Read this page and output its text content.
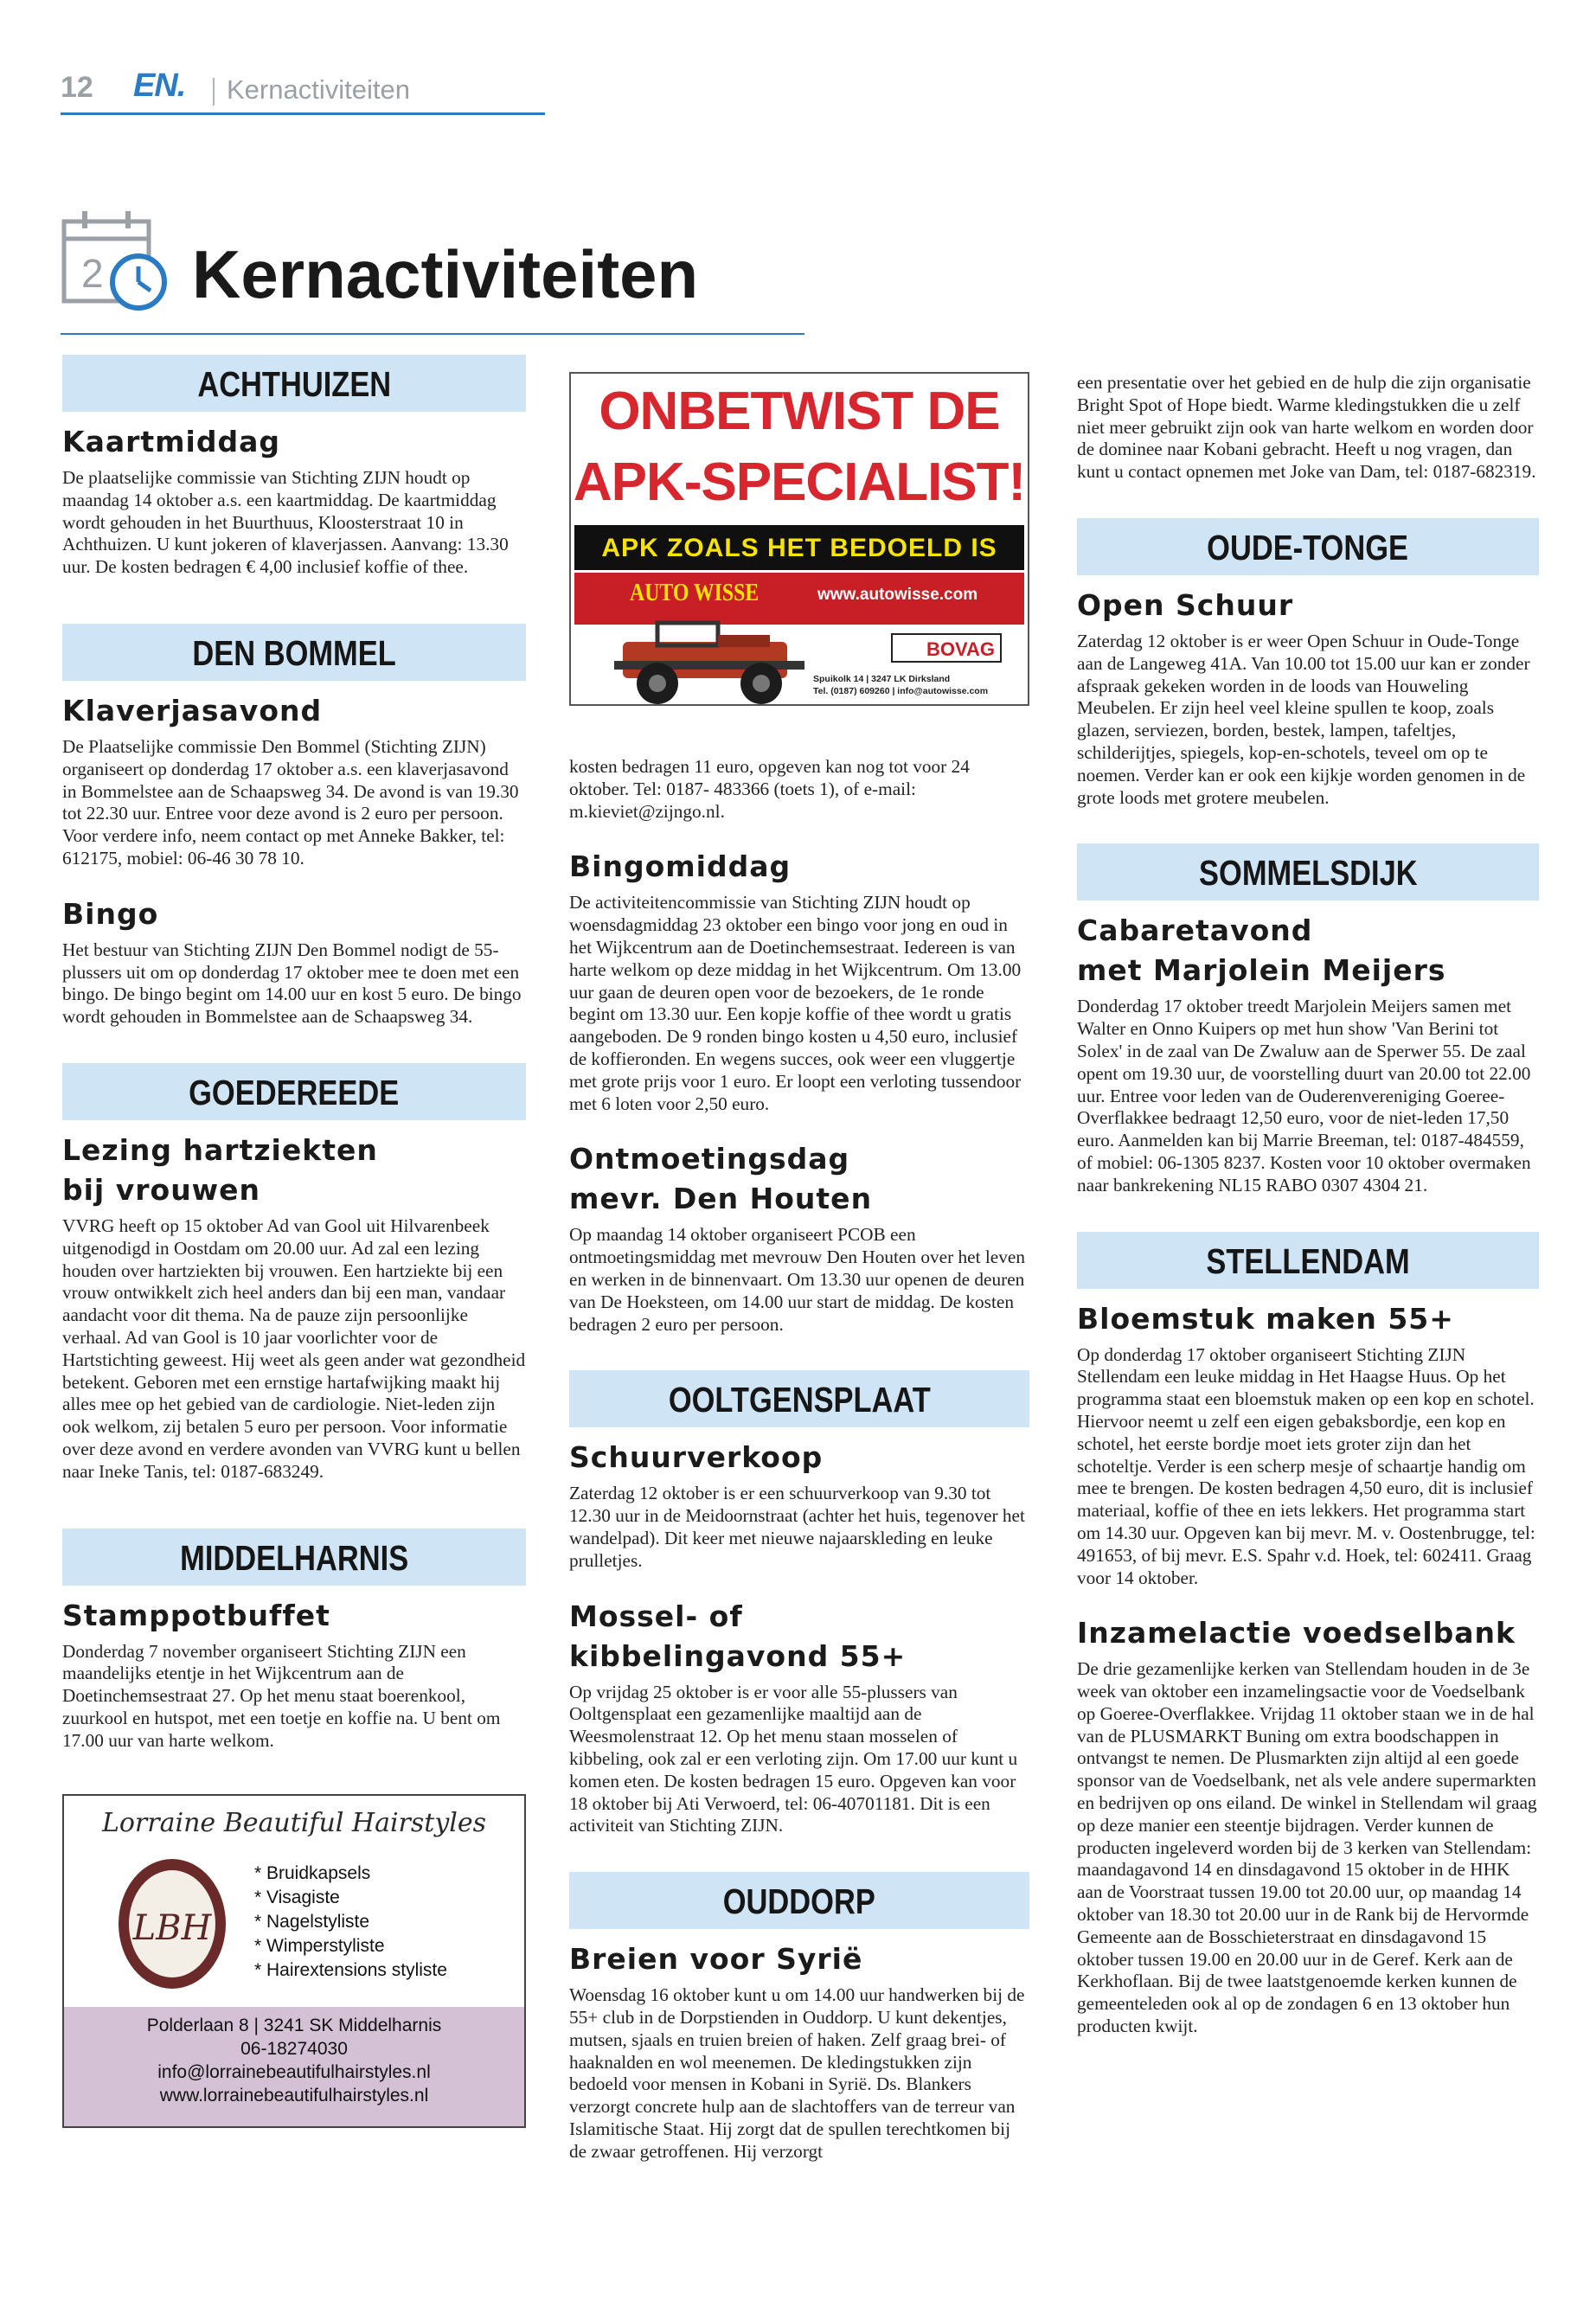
12 EN. Kernactiviteiten
2 Kernactiviteiten
ACHTHUIZEN
Kaartmiddag

De plaatselijke commissie van Stichting ZIJN houdt op maandag 14 oktober a.s. een kaartmiddag. De kaartmiddag wordt gehouden in het Buurthuus, Kloosterstraat 10 in Achthuizen. U kunt jokeren of klaverjassen. Aanvang: 13.30 uur. De kosten bedragen € 4,00 inclusief koffie of thee.

DEN BOMMEL
Klaverjasavond

De Plaatselijke commissie Den Bommel (Stichting ZIJN) organiseert op donderdag 17 oktober a.s. een klaverjasavond in Bommelstee aan de Schaapsweg 34. De avond is van 19.30 tot 22.30 uur. Entree voor deze avond is 2 euro per persoon. Voor verdere info, neem contact op met Anneke Bakker, tel: 612175, mobiel: 06-46 30 78 10.

Bingo

Het bestuur van Stichting ZIJN Den Bommel nodigt de 55-plussers uit om op donderdag 17 oktober mee te doen met een bingo. De bingo begint om 14.00 uur en kost 5 euro. De bingo wordt gehouden in Bommelstee aan de Schaapsweg 34.

GOEDEREEDE
Lezing hartziekten
bij vrouwen

VVRG heeft op 15 oktober Ad van Gool uit Hilvarenbeek uitgenodigd in Oostdam om 20.00 uur. Ad zal een lezing houden over hartziekten bij vrouwen. Een hartziekte bij een vrouw ontwikkelt zich heel anders dan bij een man, vandaar aandacht voor dit thema. Na de pauze zijn persoonlijke verhaal. Ad van Gool is 10 jaar voorlichter voor de Hartstichting geweest. Hij weet als geen ander wat gezondheid betekent. Geboren met een ernstige hartafwijking maakt hij alles mee op het gebied van de cardiologie. Niet-leden zijn ook welkom, zij betalen 5 euro per persoon. Voor informatie over deze avond en verdere avonden van VVRG kunt u bellen naar Ineke Tanis, tel: 0187-683249.

MIDDELHARNIS
Stamppotbuffet

Donderdag 7 november organiseert Stichting ZIJN een maandelijks etentje in het Wijkcentrum aan de Doetinchemsestraat 27. Op het menu staat boerenkool, zuurkool en hutspot, met een toetje en koffie na. U bent om 17.00 uur van harte welkom.

Lorraine Beautiful Hairstyles
LBH
* Bruidkapsels
* Visagiste
* Nagelstyliste
* Wimperstyliste
* Hairextensions styliste
Polderlaan 8 | 3241 SK Middelharnis
06-18274030
info@lorrainebeautifulhairstyles.nl
www.lorrainebeautifulhairstyles.nl
ONBETWIST DE
APK-SPECIALIST!
APK ZOALS HET BEDOELD IS
AUTO WISSE	www.autowisse.com
BOVAG
Spuikolk 14 | 3247 LK Dirksland
Tel. (0187) 609260 | info@autowisse.com

kosten bedragen 11 euro, opgeven kan nog tot voor 24 oktober. Tel: 0187- 483366 (toets 1), of e-mail: m.kieviet@zijngo.nl.

Bingomiddag

De activiteitencommissie van Stichting ZIJN houdt op woensdagmiddag 23 oktober een bingo voor jong en oud in het Wijkcentrum aan de Doetinchemsestraat. Iedereen is van harte welkom op deze middag in het Wijkcentrum. Om 13.00 uur gaan de deuren open voor de bezoekers, de 1e ronde begint om 13.30 uur. Een kopje koffie of thee wordt u gratis aangeboden. De 9 ronden bingo kosten u 4,50 euro, inclusief de koffieronden. En wegens succes, ook weer een vluggertje met grote prijs voor 1 euro. Er loopt een verloting tussendoor met 6 loten voor 2,50 euro.

Ontmoetingsdag
mevr. Den Houten

Op maandag 14 oktober organiseert PCOB een ontmoetingsmiddag met mevrouw Den Houten over het leven en werken in de binnenvaart. Om 13.30 uur openen de deuren van De Hoeksteen, om 14.00 uur start de middag. De kosten bedragen 2 euro per persoon.

OOLTGENSPLAAT
Schuurverkoop

Zaterdag 12 oktober is er een schuurverkoop van 9.30 tot 12.30 uur in de Meidoornstraat (achter het huis, tegenover het wandelpad). Dit keer met nieuwe najaarskleding en leuke prulletjes.

Mossel- of
kibbelingavond 55+

Op vrijdag 25 oktober is er voor alle 55-plussers van Ooltgensplaat een gezamenlijke maaltijd aan de Weesmolenstraat 12. Op het menu staan mosselen of kibbeling, ook zal er een verloting zijn. Om 17.00 uur kunt u komen eten. De kosten bedragen 15 euro. Opgeven kan voor 18 oktober bij Ati Verwoerd, tel: 06-40701181. Dit is een activiteit van Stichting ZIJN.

OUDDORP
Breien voor Syrië

Woensdag 16 oktober kunt u om 14.00 uur handwerken bij de 55+ club in de Dorpstienden in Ouddorp. U kunt dekentjes, mutsen, sjaals en truien breien of haken. Zelf graag brei- of haaknalden en wol meenemen. De kledingstukken zijn bedoeld voor mensen in Kobani in Syrië. Ds. Blankers verzorgt concrete hulp aan de slachtoffers van de terreur van Islamitische Staat. Hij zorgt dat de spullen terechtkomen bij de zwaar getroffenen. Hij verzorgt

een presentatie over het gebied en de hulp die zijn organisatie Bright Spot of Hope biedt. Warme kledingstukken die u zelf niet meer gebruikt zijn ook van harte welkom en worden door de dominee naar Kobani gebracht. Heeft u nog vragen, dan kunt u contact opnemen met Joke van Dam, tel: 0187-682319.

OUDE-TONGE
Open Schuur

Zaterdag 12 oktober is er weer Open Schuur in Oude-Tonge aan de Langeweg 41A. Van 10.00 tot 15.00 uur kan er zonder afspraak gekeken worden in de loods van Houweling Meubelen. Er zijn heel veel kleine spullen te koop, zoals glazen, serviezen, borden, bestek, lampen, tafeltjes, schilderijtjes, spiegels, kop-en-schotels, teveel om op te noemen. Verder kan er ook een kijkje worden genomen in de grote loods met grotere meubelen.

SOMMELSDIJK
Cabaretavond
met Marjolein Meijers

Donderdag 17 oktober treedt Marjolein Meijers samen met Walter en Onno Kuipers op met hun show 'Van Berini tot Solex' in de zaal van De Zwaluw aan de Sperwer 55. De zaal opent om 19.30 uur, de voorstelling duurt van 20.00 tot 22.00 uur. Entree voor leden van de Ouderenvereniging Goeree-Overflakkee bedraagt 12,50 euro, voor de niet-leden 17,50 euro. Aanmelden kan bij Marrie Breeman, tel: 0187-484559, of mobiel: 06-1305 8237. Kosten voor 10 oktober overmaken naar bankrekening NL15 RABO 0307 4304 21.

STELLENDAM
Bloemstuk maken 55+

Op donderdag 17 oktober organiseert Stichting ZIJN Stellendam een leuke middag in Het Haagse Huus. Op het programma staat een bloemstuk maken op een kop en schotel. Hiervoor neemt u zelf een eigen gebaksbordje, een kop en schotel, het eerste bordje moet iets groter zijn dan het schoteltje. Verder is een scherp mesje of schaartje handig om mee te brengen. De kosten bedragen 4,50 euro, dit is inclusief materiaal, koffie of thee en iets lekkers. Het programma start om 14.30 uur. Opgeven kan bij mevr. M. v. Oostenbrugge, tel: 491653, of bij mevr. E.S. Spahr v.d. Hoek, tel: 602411. Graag voor 14 oktober.

Inzamelactie voedselbank

De drie gezamenlijke kerken van Stellendam houden in de 3e week van oktober een inzamelingsactie voor de Voedselbank op Goeree-Overflakkee. Vrijdag 11 oktober staan we in de hal van de PLUSMARKT Buning om extra boodschappen in ontvangst te nemen. De Plusmarkten zijn altijd al een goede sponsor van de Voedselbank, net als vele andere supermarkten en bedrijven op ons eiland. De winkel in Stellendam wil graag op deze manier een steentje bijdragen. Verder kunnen de producten ingeleverd worden bij de 3 kerken van Stellendam: maandagavond 14 en dinsdagavond 15 oktober in de HHK aan de Voorstraat tussen 19.00 tot 20.00 uur, op maandag 14 oktober van 18.30 tot 20.00 uur in de Rank bij de Hervormde Gemeente aan de Bosschieterstraat en dinsdagavond 15 oktober tussen 19.00 en 20.00 uur in de Geref. Kerk aan de Kerkhoflaan. Bij de twee laatstgenoemde kerken kunnen de gemeenteleden ook al op de zondagen 6 en 13 oktober hun producten kwijt.
